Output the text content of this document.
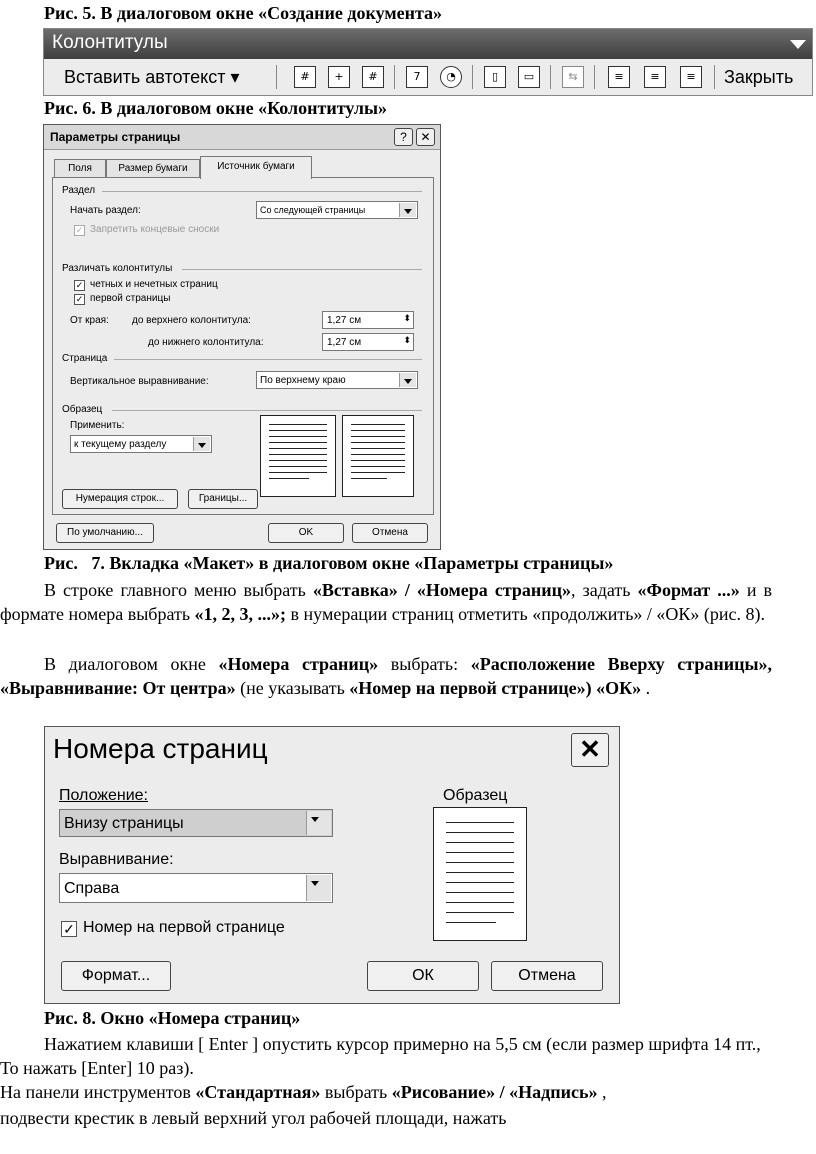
Рис. 5. В диалоговом окне «Создание документа»
Колонтитулы
Вставить автотекст ▾	#	+	#	7	◔	▯	▭	⇆	≡	≡	≡	Закрыть
Рис. 6. В диалоговом окне «Колонтитулы»
Параметры страницы	?	✕
Поля	Размер бумаги	Источник бумаги
Раздел
Начать раздел:	Со следующей страницы
✓ Запретить концевые сноски
Различать колонтитулы
✓ четных и нечетных страниц
✓ первой страницы
От края: до верхнего колонтитула:	1,27 см	⬍
до нижнего колонтитула:	1,27 см	⬍
Страница
Вертикальное выравнивание:	По верхнему краю
Образец
Применить:
к текущему разделу
Нумерация строк...	Границы...
По умолчанию...	OK	Отмена
Рис.   7. Вкладка «Макет» в диалоговом окне «Параметры страницы»
В строке главного меню выбрать «Вставка» / «Номера страниц», задать «Формат ...» и в формате номера выбрать «1, 2, 3, ...»; в нумерации страниц отметить «продолжить» / «ОК» (рис. 8).
В диалоговом окне «Номера страниц» выбрать: «Расположение Вверху страницы», «Выравнивание: От центра» (не указывать «Номер на первой странице») «ОК» .
Номера страниц	✕
Положение:
Внизу страницы
Образец
Выравнивание:
Справа
✓ Номер на первой странице
Формат...	ОК	Отмена
Рис. 8. Окно «Номера страниц»
Нажатием клавиши [ Enter ] опустить курсор примерно на 5,5 см (если размер шрифта 14 пт., То нажать [Enter] 10 раз).
На панели инструментов «Стандартная» выбрать «Рисование» / «Надпись» ,
подвести крестик в левый верхний угол рабочей площади, нажать
